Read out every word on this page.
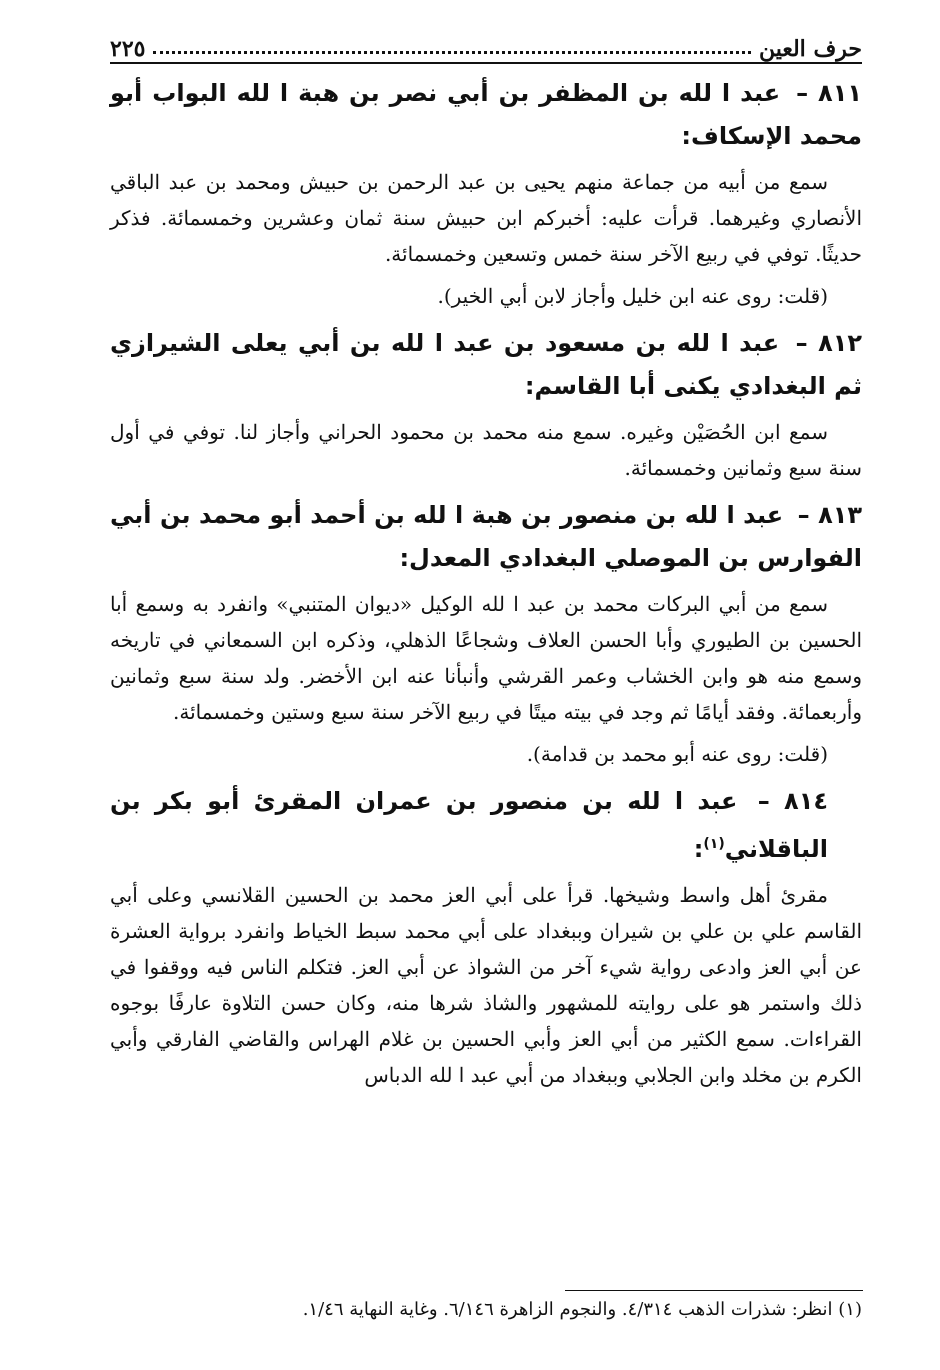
حرف العين
٢٢٥
٨١١ – عبد ا لله بن المظفر بن أبي نصر بن هبة ا لله البواب أبو محمد الإسكاف:

سمع من أبيه من جماعة منهم يحيى بن عبد الرحمن بن حبيش ومحمد بن عبد الباقي الأنصاري وغيرهما. قرأت عليه: أخبركم ابن حبيش سنة ثمان وعشرين وخمسمائة. فذكر حديثًا. توفي في ربيع الآخر سنة خمس وتسعين وخمسمائة.

(قلت: روى عنه ابن خليل وأجاز لابن أبي الخير).

٨١٢ – عبد ا لله بن مسعود بن عبد ا لله بن أبي يعلى الشيرازي ثم البغدادي يكنى أبا القاسم:

سمع ابن الحُصَيْن وغيره. سمع منه محمد بن محمود الحراني وأجاز لنا. توفي في أول سنة سبع وثمانين وخمسمائة.

٨١٣ – عبد ا لله بن منصور بن هبة ا لله بن أحمد أبو محمد بن أبي الفوارس بن الموصلي البغدادي المعدل:

سمع من أبي البركات محمد بن عبد ا لله الوكيل «ديوان المتنبي» وانفرد به وسمع أبا الحسين بن الطيوري وأبا الحسن العلاف وشجاعًا الذهلي، وذكره ابن السمعاني في تاريخه وسمع منه هو وابن الخشاب وعمر القرشي وأنبأنا عنه ابن الأخضر. ولد سنة سبع وثمانين وأربعمائة. وفقد أيامًا ثم وجد في بيته ميتًا في ربيع الآخر سنة سبع وستين وخمسمائة.

(قلت: روى عنه أبو محمد بن قدامة).

٨١٤ – عبد ا لله بن منصور بن عمران المقرئ أبو بكر بن الباقلاني$^{(١)}$:

مقرئ أهل واسط وشيخها. قرأ على أبي العز محمد بن الحسين القلانسي وعلى أبي القاسم علي بن علي بن شيران وببغداد على أبي محمد سبط الخياط وانفرد برواية العشرة عن أبي العز وادعى رواية شيء آخر من الشواذ عن أبي العز. فتكلم الناس فيه ووقفوا في ذلك واستمر هو على روايته للمشهور والشاذ شرها منه، وكان حسن التلاوة عارفًا بوجوه القراءات. سمع الكثير من أبي العز وأبي الحسين بن غلام الهراس والقاضي الفارقي وأبي الكرم بن مخلد وابن الجلابي وببغداد من أبي عبد ا لله الدباس

(١) انظر: شذرات الذهب ٤/٣١٤. والنجوم الزاهرة ٦/١٤٦. وغاية النهاية ١/٤٦.
